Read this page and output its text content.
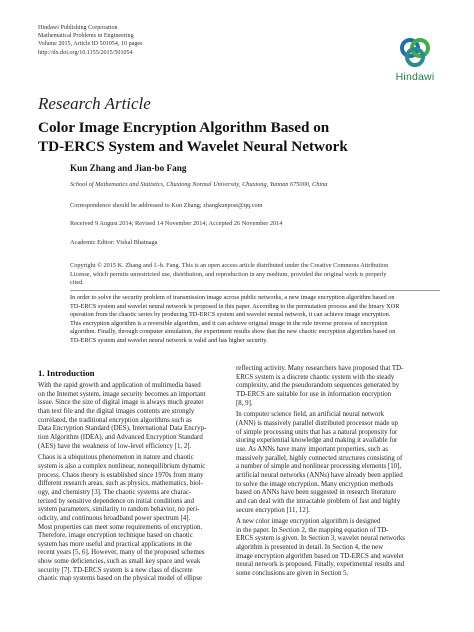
Hindawi Publishing Corporation
Mathematical Problems in Engineering
Volume 2015, Article ID 501054, 10 pages
http://dx.doi.org/10.1155/2015/501054
Hindawi
Research Article
Color Image Encryption Algorithm Based on
TD-ERCS System and Wavelet Neural Network
Kun Zhang and Jian-bo Fang
School of Mathematics and Statistics, Chuxiong Normal University, Chuxiong, Yunnan 675000, China
Correspondence should be addressed to Kun Zhang; zhangkunpost@qq.com
Received 9 August 2014; Revised 14 November 2014; Accepted 26 November 2014
Academic Editor: Vishal Bhatnaga
Copyright © 2015 K. Zhang and J.-b. Fang. This is an open access article distributed under the Creative Commons Attribution
License, which permits unrestricted use, distribution, and reproduction in any medium, provided the original work is properly
cited.
In order to solve the security problem of transmission image across public networks, a new image encryption algorithm based on
TD-ERCS system and wavelet neural network is proposed in this paper. According to the permutation process and the binary XOR
operation from the chaotic series by producing TD-ERCS system and wavelet neural network, it can achieve image encryption.
This encryption algorithm is a reversible algorithm, and it can achieve original image in the rule inverse process of encryption
algorithm. Finally, through computer simulation, the experiment results show that the new chaotic encryption algorithm based on
TD-ERCS system and wavelet neural network is valid and has higher security.
1. Introduction
With the rapid growth and application of multimedia based
on the Internet system, image security becomes an important
issue. Since the size of digital image is always much greater
than text file and the digital images contents are strongly
correlated, the traditional encryption algorithms such as
Data Encryption Standard (DES), International Data Encryp-
tion Algorithm (IDEA), and Advanced Encryption Standard
(AES) have the weakness of low-level efficiency [1, 2].
Chaos is a ubiquitous phenomenon in nature and chaotic
system is also a complex nonlinear, nonequilibrium dynamic
process. Chaos theory is established since 1970s from many
different research areas, such as physics, mathematics, biol-
ogy, and chemistry [3]. The chaotic systems are charac-
terized by sensitive dependence on initial conditions and
system parameters, similarity to random behavior, no peri-
odicity, and continuous broadband power spectrum [4].
Most properties can meet some requirements of encryption.
Therefore, image encryption technique based on chaotic
system has more useful and practical applications in the
recent years [5, 6]. However, many of the proposed schemes
show some deficiencies, such as small key space and weak
security [7]. TD-ERCS system is a new class of discrete
chaotic map systems based on the physical model of ellipse
reflecting activity. Many researchers have proposed that TD-
ERCS system is a discrete chaotic system with the steady
complexity, and the pseudorandom sequences generated by
TD-ERCS are suitable for use in information encryption
[8, 9].
In computer science field, an artificial neural network
(ANN) is massively parallel distributed processor made up
of simple processing units that has a natural propensity for
storing experiential knowledge and making it available for
use. As ANNs have many important properties, such as
massively parallel, highly connected structures consisting of
a number of simple and nonlinear processing elements [10],
artificial neural networks (ANNs) have already been applied
to solve the image encryption. Many encryption methods
based on ANNs have been suggested in research literature
and can deal with the intractable problem of fast and highly
secure encryption [11, 12].
A new color image encryption algorithm is designed
in the paper. In Section 2, the mapping equation of TD-
ERCS system is given. In Section 3, wavelet neural networks
algorithm is presented in detail. In Section 4, the new
image encryption algorithm based on TD-ERCS and wavelet
neural network is proposed. Finally, experimental results and
some conclusions are given in Section 5.
